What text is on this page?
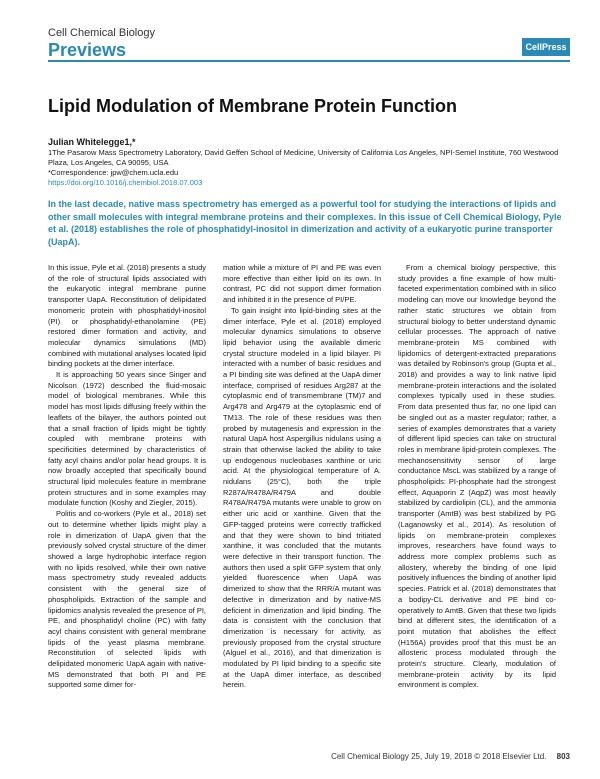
Cell Chemical Biology
Previews	CellPress
Lipid Modulation of Membrane Protein Function
Julian Whitelegge1,*
1The Pasarow Mass Spectrometry Laboratory, David Geffen School of Medicine, University of California Los Angeles, NPI-Semel Institute, 760 Westwood Plaza, Los Angeles, CA 90095, USA
*Correspondence: jpw@chem.ucla.edu
https://doi.org/10.1016/j.chembiol.2018.07.003
In the last decade, native mass spectrometry has emerged as a powerful tool for studying the interactions of lipids and other small molecules with integral membrane proteins and their complexes. In this issue of Cell Chemical Biology, Pyle et al. (2018) establishes the role of phosphatidyl-inositol in dimerization and activity of a eukaryotic purine transporter (UapA).

In this issue, Pyle et al. (2018) presents a study of the role of structural lipids associated with the eukaryotic integral membrane purine transporter UapA. Reconstitution of delipidated monomeric protein with phosphatidyl-inositol (PI) or phosphatidyl-ethanolamine (PE) restored dimer formation and activity, and molecular dynamics simulations (MD) combined with mutational analyses located lipid binding pockets at the dimer interface.

It is approaching 50 years since Singer and Nicolson (1972) described the fluid-mosaic model of biological membranes. While this model has most lipids diffusing freely within the leaflets of the bilayer, the authors pointed out that a small fraction of lipids might be tightly coupled with membrane proteins with specificities determined by characteristics of fatty acyl chains and/or polar head groups. It is now broadly accepted that specifically bound structural lipid molecules feature in membrane protein structures and in some examples may modulate function (Koshy and Ziegler, 2015).

Politis and co-workers (Pyle et al., 2018) set out to determine whether lipids might play a role in dimerization of UapA given that the previously solved crystal structure of the dimer showed a large hydrophobic interface region with no lipids resolved, while their own native mass spectrometry study revealed adducts consistent with the general size of phospholipids. Extraction of the sample and lipidomics analysis revealed the presence of PI, PE, and phosphatidyl choline (PC) with fatty acyl chains consistent with general membrane lipids of the yeast plasma membrane. Reconstitution of selected lipids with delipidated monomeric UapA again with native-MS demonstrated that both PI and PE supported some dimer for-

mation while a mixture of PI and PE was even more effective than either lipid on its own. In contrast, PC did not support dimer formation and inhibited it in the presence of PI/PE.

To gain insight into lipid-binding sites at the dimer interface, Pyle et al. (2018) employed molecular dynamics simulations to observe lipid behavior using the available dimeric crystal structure modeled in a lipid bilayer. PI interacted with a number of basic residues and a PI binding site was defined at the UapA dimer interface, comprised of residues Arg287 at the cytoplasmic end of transmembrane (TM)7 and Arg478 and Arg479 at the cytoplasmic end of TM13. The role of these residues was then probed by mutagenesis and expression in the natural UapA host Aspergillus nidulans using a strain that otherwise lacked the ability to take up endogenous nucleobases xanthine or uric acid. At the physiological temperature of A. nidulans (25°C), both the triple R287A/R478A/R479A and double R478A/R479A mutants were unable to grow on either uric acid or xanthine. Given that the GFP-tagged proteins were correctly trafficked and that they were shown to bind tritiated xanthine, it was concluded that the mutants were defective in their transport function. The authors then used a split GFP system that only yielded fluorescence when UapA was dimerized to show that the RRR/A mutant was defective in dimerization and by native-MS deficient in dimerization and lipid binding. The data is consistent with the conclusion that dimerization is necessary for activity, as previously proposed from the crystal structure (Alguel et al., 2016), and that dimerization is modulated by PI lipid binding to a specific site at the UapA dimer interface, as described herein.

From a chemical biology perspective, this study provides a fine example of how multi-faceted experimentation combined with in silico modeling can move our knowledge beyond the rather static structures we obtain from structural biology to better understand dynamic cellular processes. The approach of native membrane-protein MS combined with lipidomics of detergent-extracted preparations was detailed by Robinson's group (Gupta et al., 2018) and provides a way to link native lipid membrane-protein interactions and the isolated complexes typically used in these studies. From data presented thus far, no one lipid can be singled out as a master regulator; rather, a series of examples demonstrates that a variety of different lipid species can take on structural roles in membrane lipid-protein complexes. The mechanosensitivity sensor of large conductance MscL was stabilized by a range of phospholipids: PI-phosphate had the strongest effect, Aquaporin Z (AqpZ) was most heavily stabilized by cardiolipin (CL), and the ammonia transporter (AmtB) was best stabilized by PG (Laganowsky et al., 2014). As resolution of lipids on membrane-protein complexes improves, researchers have found ways to address more complex problems such as allostery, whereby the binding of one lipid positively influences the binding of another lipid species. Patrick et al. (2018) demonstrates that a bodipy-CL derivative and PE bind co-operatively to AmtB. Given that these two lipids bind at different sites, the identification of a point mutation that abolishes the effect (H156A) provides proof that this must be an allosteric process modulated through the protein's structure. Clearly, modulation of membrane-protein activity by its lipid environment is complex.

Cell Chemical Biology 25, July 19, 2018 © 2018 Elsevier Ltd. 803
